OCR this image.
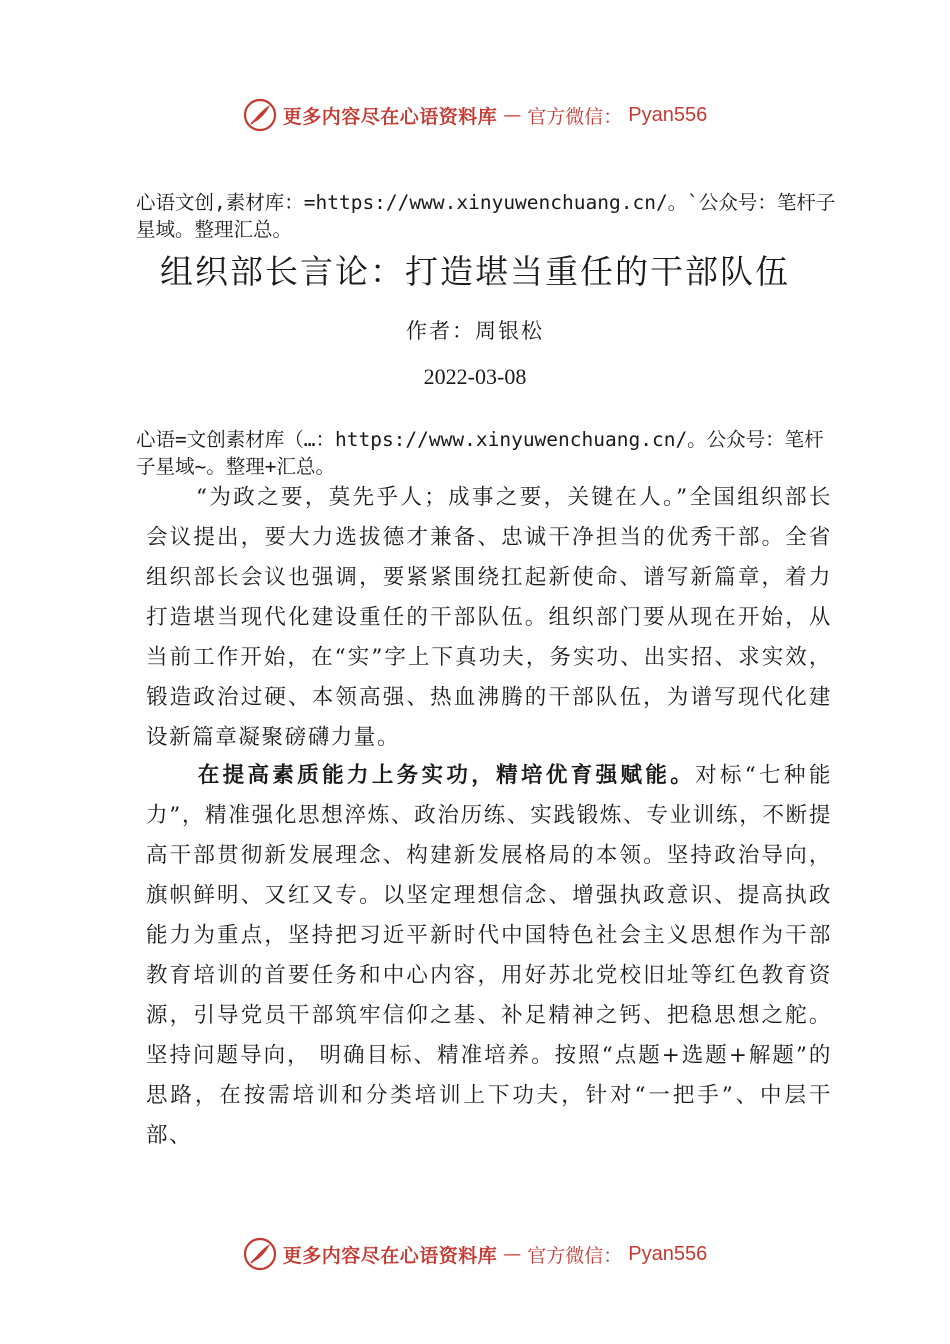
更多内容尽在心语资料库 — 官方微信： Pyan556
心语文创,素材库：=https://www.xinyuwenchuang.cn/。`公众号：笔杆子星域。整理汇总。
组织部长言论：打造堪当重任的干部队伍
作者：周银松
2022-03-08
心语=文创素材库（…：https://www.xinyuwenchuang.cn/。公众号：笔杆子星域~。整理+汇总。
“为政之要，莫先乎人；成事之要，关键在人。”全国组织部长会议提出，要大力选拔德才兼备、忠诚干净担当的优秀干部。全省组织部长会议也强调，要紧紧围绕扛起新使命、谱写新篇章，着力打造堪当现代化建设重任的干部队伍。组织部门要从现在开始，从当前工作开始，在“实”字上下真功夫，务实功、出实招、求实效，锻造政治过硬、本领高强、热血沸腾的干部队伍，为谱写现代化建设新篇章凝聚磅礴力量。
在提高素质能力上务实功，精培优育强赋能。对标“七种能力”，精准强化思想淬炼、政治历练、实践锻炼、专业训练，不断提高干部贯彻新发展理念、构建新发展格局的本领。坚持政治导向，旗帜鲜明、又红又专。以坚定理想信念、增强执政意识、提高执政能力为重点，坚持把习近平新时代中国特色社会主义思想作为干部教育培训的首要任务和中心内容，用好苏北党校旧址等红色教育资源，引导党员干部筑牢信仰之基、补足精神之钙、把稳思想之舵。坚持问题导向， 明确目标、精准培养。按照“点题+选题+解题”的思路，在按需培训和分类培训上下功夫，针对“一把手”、中层干部、
更多内容尽在心语资料库 — 官方微信： Pyan556
